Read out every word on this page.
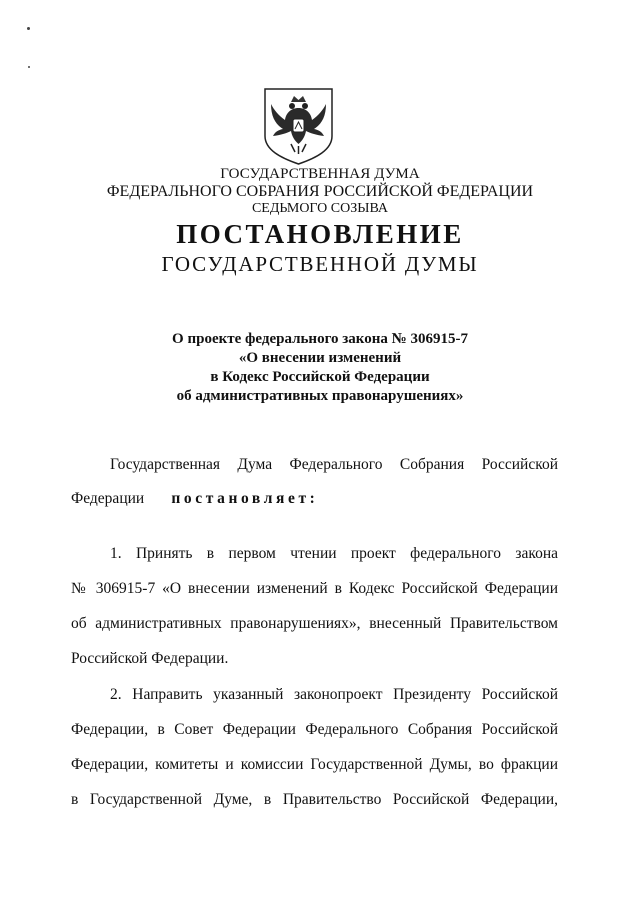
ГОСУДАРСТВЕННАЯ ДУМА
ФЕДЕРАЛЬНОГО СОБРАНИЯ РОССИЙСКОЙ ФЕДЕРАЦИИ
СЕДЬМОГО СОЗЫВА
ПОСТАНОВЛЕНИЕ
ГОСУДАРСТВЕННОЙ ДУМЫ
О проекте федерального закона № 306915-7
«О внесении изменений
в Кодекс Российской Федерации
об административных правонарушениях»
Государственная Дума Федерального Собрания Российской
Федерации постановляет:
1. Принять в первом чтении проект федерального закона
№ 306915-7 «О внесении изменений в Кодекс Российской Федерации
об административных правонарушениях», внесенный Правительством
Российской Федерации.
2. Направить указанный законопроект Президенту Российской
Федерации, в Совет Федерации Федерального Собрания Российской
Федерации, комитеты и комиссии Государственной Думы, во фракции
в Государственной Думе, в Правительство Российской Федерации,
